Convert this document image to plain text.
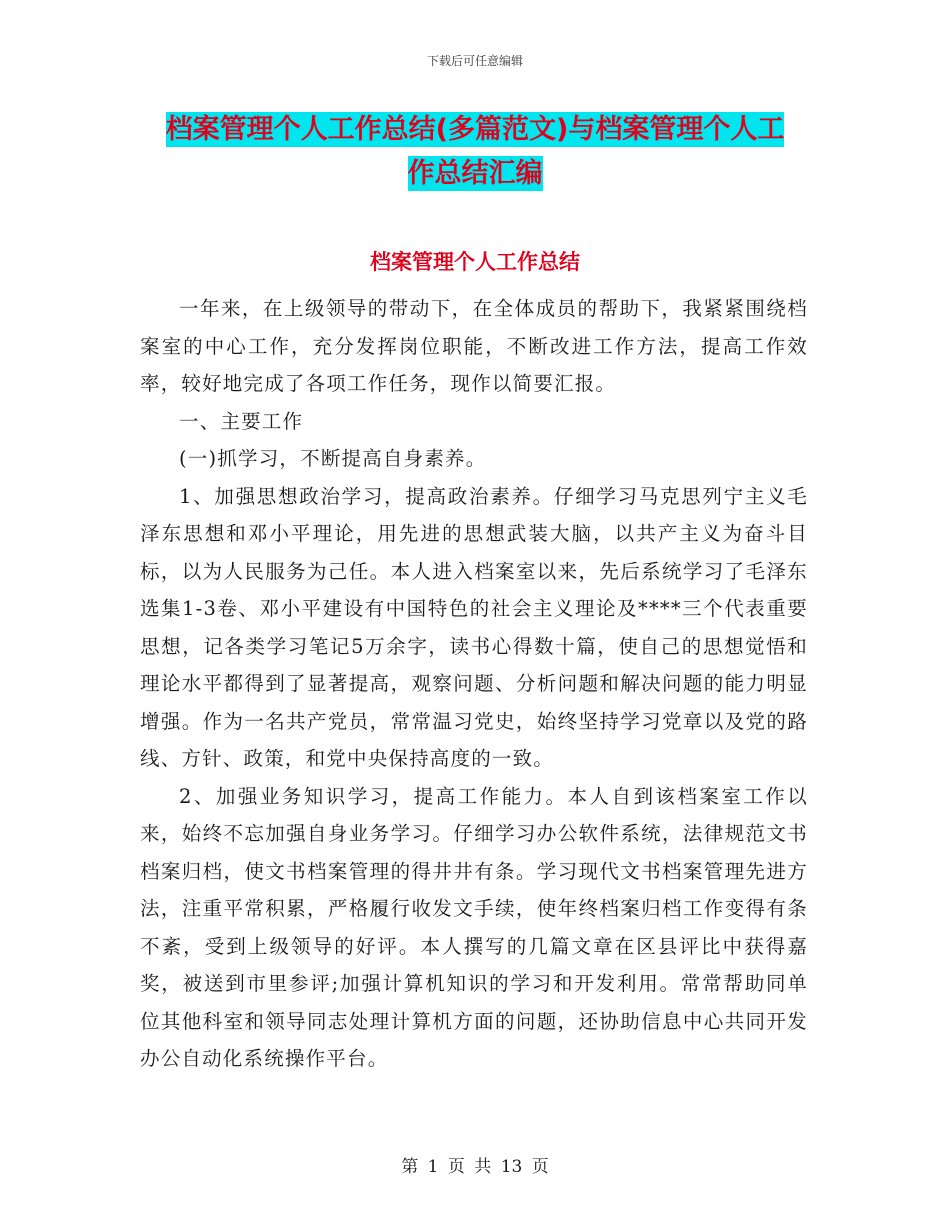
下载后可任意编辑
档案管理个人工作总结(多篇范文)与档案管理个人工
作总结汇编
档案管理个人工作总结

一年来，在上级领导的带动下，在全体成员的帮助下，我紧紧围绕档案室的中心工作，充分发挥岗位职能，不断改进工作方法，提高工作效率，较好地完成了各项工作任务，现作以简要汇报。

一、主要工作

(一)抓学习，不断提高自身素养。

1、加强思想政治学习，提高政治素养。仔细学习马克思列宁主义毛泽东思想和邓小平理论，用先进的思想武装大脑，以共产主义为奋斗目标，以为人民服务为己任。本人进入档案室以来，先后系统学习了毛泽东选集1-3卷、邓小平建设有中国特色的社会主义理论及****三个代表重要思想，记各类学习笔记5万余字，读书心得数十篇，使自己的思想觉悟和理论水平都得到了显著提高，观察问题、分析问题和解决问题的能力明显增强。作为一名共产党员，常常温习党史，始终坚持学习党章以及党的路线、方针、政策，和党中央保持高度的一致。

2、加强业务知识学习，提高工作能力。本人自到该档案室工作以来，始终不忘加强自身业务学习。仔细学习办公软件系统，法律规范文书档案归档，使文书档案管理的得井井有条。学习现代文书档案管理先进方法，注重平常积累，严格履行收发文手续，使年终档案归档工作变得有条不紊，受到上级领导的好评。本人撰写的几篇文章在区县评比中获得嘉奖，被送到市里参评;加强计算机知识的学习和开发利用。常常帮助同单位其他科室和领导同志处理计算机方面的问题，还协助信息中心共同开发办公自动化系统操作平台。

第 1 页 共 13 页
